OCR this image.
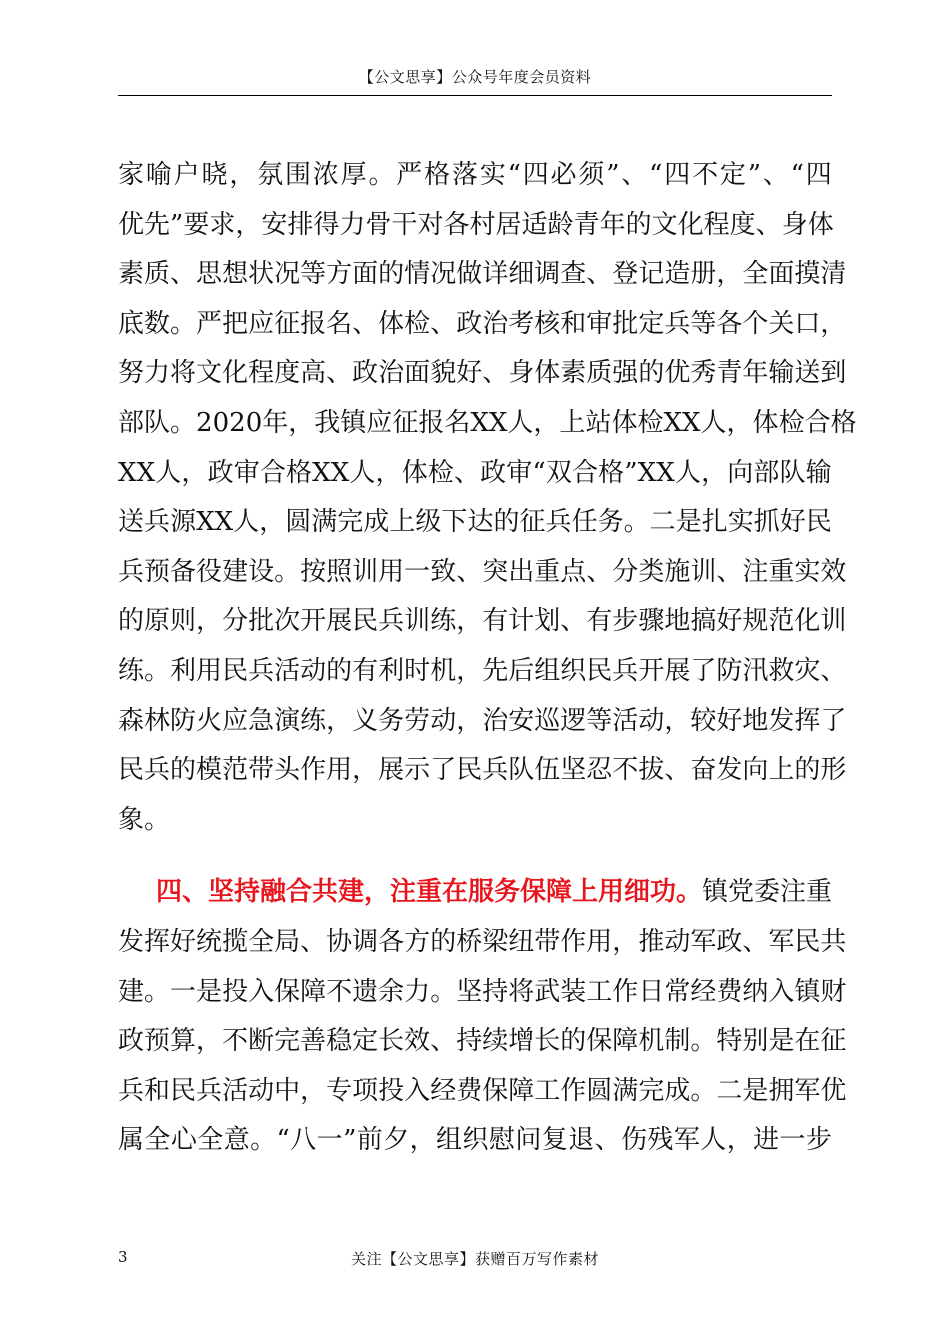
【公文思享】公众号年度会员资料
家 喻 户 晓 ， 氛 围 浓 厚 。 严 格 落 实 “ 四 必 须 ” 、 “ 四 不 定 ” 、 “ 四
优 先 ” 要 求 ， 安 排 得 力 骨 干 对 各 村 居 适 龄 青 年 的 文 化 程 度 、 身 体
素 质 、 思 想 状 况 等 方 面 的 情 况 做 详 细 调 查 、 登 记 造 册 ， 全 面 摸 清
底 数 。 严 把 应 征 报 名 、 体 检 、 政 治 考 核 和 审 批 定 兵 等 各 个 关 口 ，
努 力 将 文 化 程 度 高 、 政 治 面 貌 好 、 身 体 素 质 强 的 优 秀 青 年 输 送 到
部 队 。 2 0 2 0 年 ， 我 镇 应 征 报 名 X X 人 ， 上 站 体 检 X X 人 ， 体 检 合 格
X X 人 ， 政 审 合 格 X X 人 ， 体 检 、 政 审 “ 双 合 格 ” X X 人 ， 向 部 队 输
送 兵 源 X X 人 ， 圆 满 完 成 上 级 下 达 的 征 兵 任 务 。 二 是 扎 实 抓 好 民
兵 预 备 役 建 设 。 按 照 训 用 一 致 、 突 出 重 点 、 分 类 施 训 、 注 重 实 效
的 原 则 ， 分 批 次 开 展 民 兵 训 练 ， 有 计 划 、 有 步 骤 地 搞 好 规 范 化 训
练 。 利 用 民 兵 活 动 的 有 利 时 机 ， 先 后 组 织 民 兵 开 展 了 防 汛 救 灾 、
森 林 防 火 应 急 演 练 ， 义 务 劳 动 ， 治 安 巡 逻 等 活 动 ， 较 好 地 发 挥 了
民 兵 的 模 范 带 头 作 用 ， 展 示 了 民 兵 队 伍 坚 忍 不 拔 、 奋 发 向 上 的 形
象。
四、坚持融合共建，注重在服务保障上用细功。 镇党委注重
发 挥 好 统 揽 全 局 、 协 调 各 方 的 桥 梁 纽 带 作 用 ， 推 动 军 政 、 军 民 共
建 。 一 是 投 入 保 障 不 遗 余 力 。 坚 持 将 武 装 工 作 日 常 经 费 纳 入 镇 财
政 预 算 ， 不 断 完 善 稳 定 长 效 、 持 续 增 长 的 保 障 机 制 。 特 别 是 在 征
兵 和 民 兵 活 动 中 ， 专 项 投 入 经 费 保 障 工 作 圆 满 完 成 。 二 是 拥 军 优
属 全 心 全 意 。 “ 八 一 ” 前 夕 ， 组 织 慰 问 复 退 、 伤 残 军 人 ， 进 一 步
3	关注【公文思享】获赠百万写作素材
